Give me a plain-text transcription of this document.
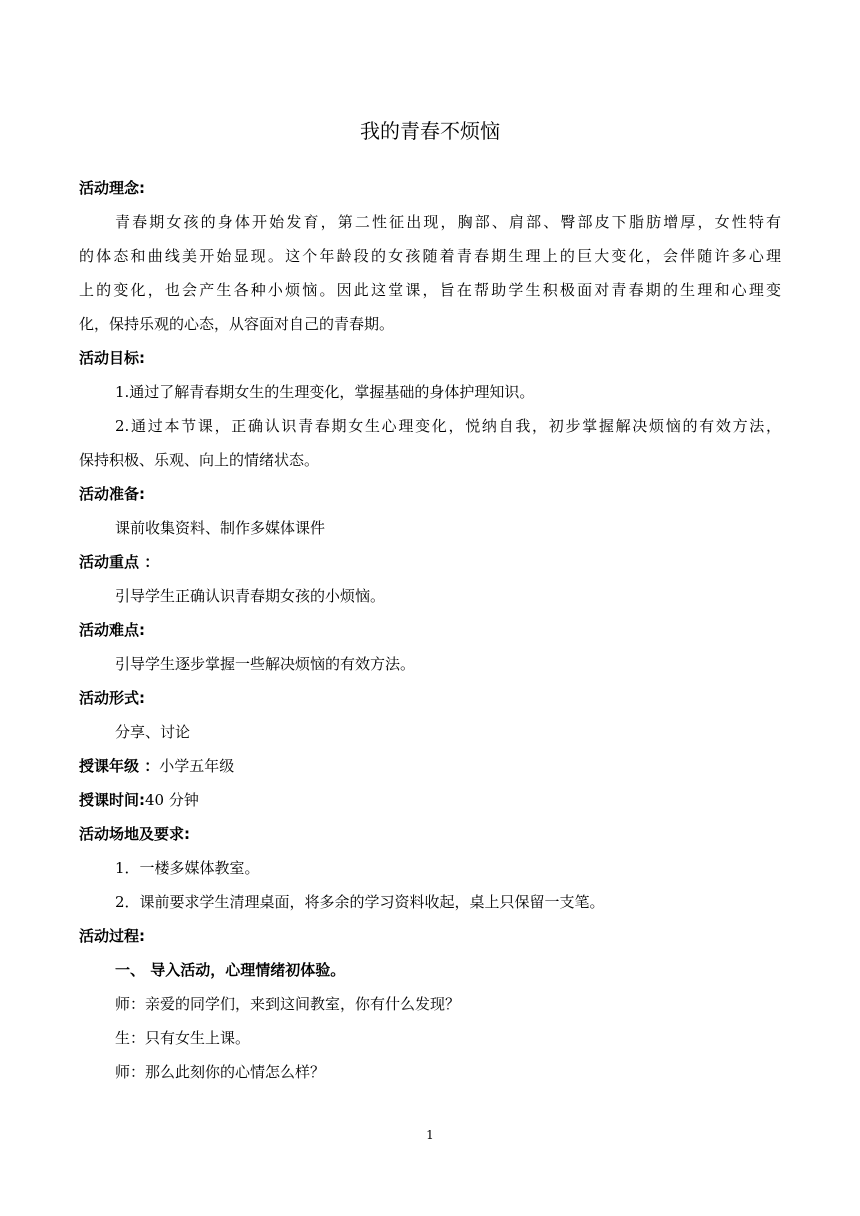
我的青春不烦恼
活动理念:
青春期女孩的身体开始发育，第二性征出现，胸部、肩部、臀部皮下脂肪增厚，女性特有
的体态和曲线美开始显现。这个年龄段的女孩随着青春期生理上的巨大变化，会伴随许多心理
上的变化，也会产生各种小烦恼。因此这堂课，旨在帮助学生积极面对青春期的生理和心理变
化，保持乐观的心态，从容面对自己的青春期。
活动目标:
1.通过了解青春期女生的生理变化，掌握基础的身体护理知识。
2.通过本节课，正确认识青春期女生心理变化，悦纳自我，初步掌握解决烦恼的有效方法，
保持积极、乐观、向上的情绪状态。
活动准备:
课前收集资料、制作多媒体课件
活动重点 ：
引导学生正确认识青春期女孩的小烦恼。
活动难点:
引导学生逐步掌握一些解决烦恼的有效方法。
活动形式:
分享、讨论
授课年级 ：小学五年级
授课时间:40 分钟
活动场地及要求:
1．一楼多媒体教室。
2．课前要求学生清理桌面，将多余的学习资料收起，桌上只保留一支笔。
活动过程:
一、 导入活动，心理情绪初体验。
师：亲爱的同学们，来到这间教室，你有什么发现？
生：只有女生上课。
师：那么此刻你的心情怎么样？
1
